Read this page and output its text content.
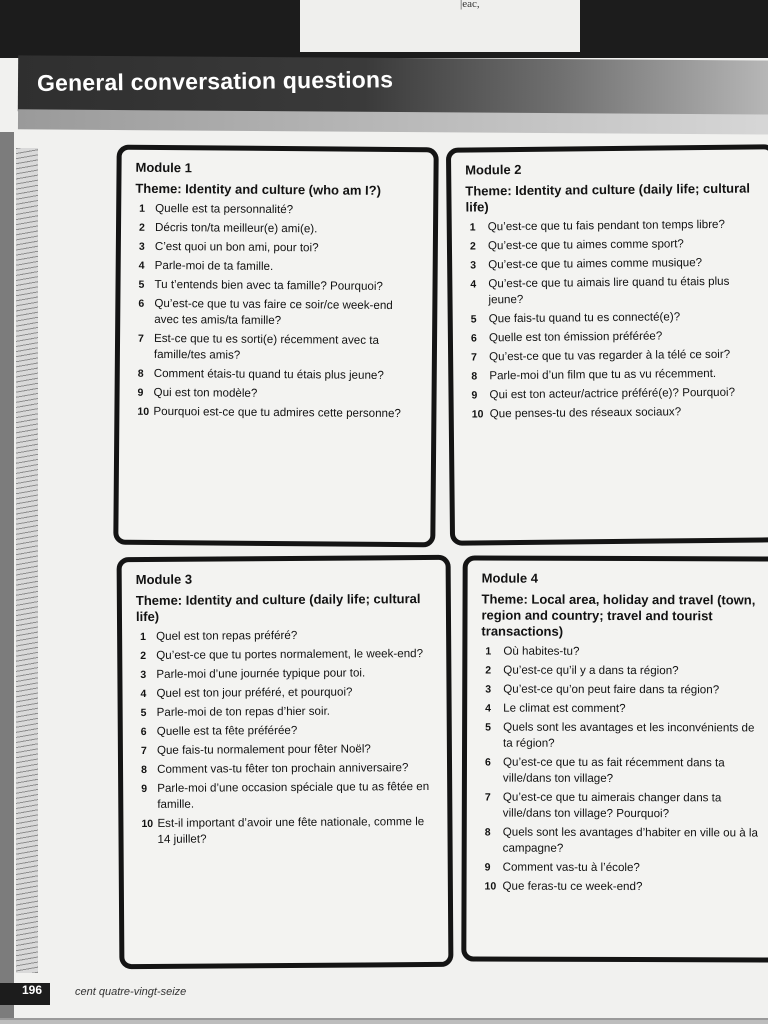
|eac,
General conversation questions
Module 1
Theme: Identity and culture (who am I?)
1 Quelle est ta personnalité?
2 Décris ton/ta meilleur(e) ami(e).
3 C’est quoi un bon ami, pour toi?
4 Parle-moi de ta famille.
5 Tu t’entends bien avec ta famille? Pourquoi?
6 Qu’est-ce que tu vas faire ce soir/ce week-end avec tes amis/ta famille?
7 Est-ce que tu es sorti(e) récemment avec ta famille/tes amis?
8 Comment étais-tu quand tu étais plus jeune?
9 Qui est ton modèle?
10 Pourquoi est-ce que tu admires cette personne?
Module 2
Theme: Identity and culture (daily life; cultural life)
1	Qu’est-ce que tu fais pendant ton temps libre?
2	Qu’est-ce que tu aimes comme sport?
3	Qu’est-ce que tu aimes comme musique?
4	Qu’est-ce que tu aimais lire quand tu étais plus jeune?
5	Que fais-tu quand tu es connecté(e)?
6	Quelle est ton émission préférée?
7	Qu’est-ce que tu vas regarder à la télé ce soir?
8	Parle-moi d’un film que tu as vu récemment.
9	Qui est ton acteur/actrice préféré(e)? Pourquoi?
10 Que penses-tu des réseaux sociaux?
Module 3
Theme: Identity and culture (daily life; cultural life)
1 Quel est ton repas préféré?
2 Qu’est-ce que tu portes normalement, le week-end?
3 Parle-moi d’une journée typique pour toi.
4 Quel est ton jour préféré, et pourquoi?
5 Parle-moi de ton repas d’hier soir.
6 Quelle est ta fête préférée?
7 Que fais-tu normalement pour fêter Noël?
8 Comment vas-tu fêter ton prochain anniversaire?
9 Parle-moi d’une occasion spéciale que tu as fêtée en famille.
10 Est-il important d’avoir une fête nationale, comme le 14 juillet?
Module 4
Theme: Local area, holiday and travel (town, region and country; travel and tourist transactions)
1	Où habites-tu?
2	Qu’est-ce qu’il y a dans ta région?
3	Qu’est-ce qu’on peut faire dans ta région?
4	Le climat est comment?
5	Quels sont les avantages et les inconvénients de ta région?
6	Qu’est-ce que tu as fait récemment dans ta ville/dans ton village?
7	Qu’est-ce que tu aimerais changer dans ta ville/dans ton village? Pourquoi?
8	Quels sont les avantages d’habiter en ville ou à la campagne?
9	Comment vas-tu à l’école?
10 Que feras-tu ce week-end?
196	cent quatre-vingt-seize
